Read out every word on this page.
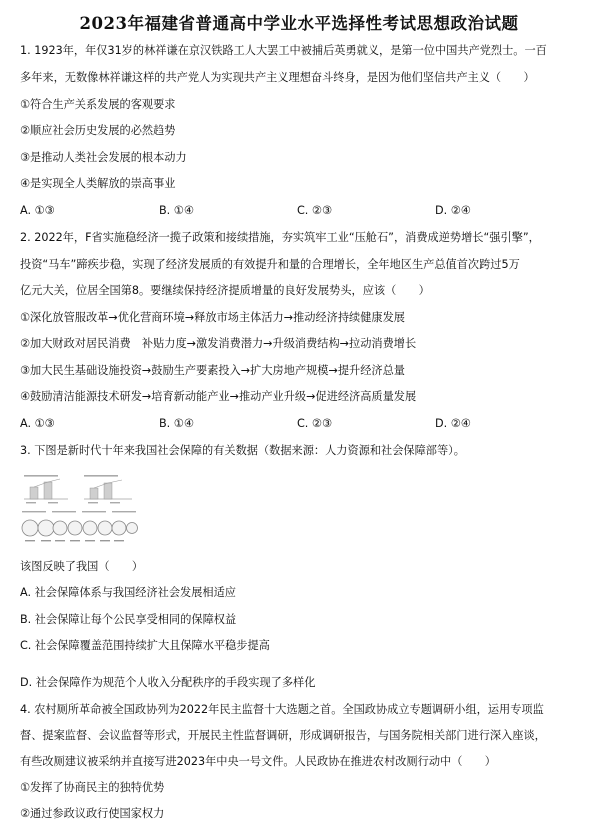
2023年福建省普通高中学业水平选择性考试思想政治试题
1. 1923年，年仅31岁的林祥谦在京汉铁路工人大罢工中被捕后英勇就义，是第一位中国共产党烈士。一百
多年来，无数像林祥谦这样的共产党人为实现共产主义理想奋斗终身，是因为他们坚信共产主义（　　）
①符合生产关系发展的客观要求
②顺应社会历史发展的必然趋势
③是推动人类社会发展的根本动力
④是实现全人类解放的崇高事业
A. ①③	B. ①④	C. ②③	D. ②④
2. 2022年，F省实施稳经济一揽子政策和接续措施，夯实筑牢工业“压舱石”，消费成逆势增长“强引擎”，
投资“马车”蹄疾步稳，实现了经济发展质的有效提升和量的合理增长，全年地区生产总值首次跨过5万
亿元大关，位居全国第8。要继续保持经济提质增量的良好发展势头，应该（　　）
①深化放管服改革→优化营商环境→释放市场主体活力→推动经济持续健康发展
②加大财政对居民消费　补贴力度→激发消费潜力→升级消费结构→拉动消费增长
③加大民生基础设施投资→鼓励生产要素投入→扩大房地产规模→提升经济总量
④鼓励清洁能源技术研发→培育新动能产业→推动产业升级→促进经济高质量发展
A. ①③	B. ①④	C. ②③	D. ②④
3. 下图是新时代十年来我国社会保障的有关数据（数据来源：人力资源和社会保障部等）。
该图反映了我国（　　）
A. 社会保障体系与我国经济社会发展相适应
B. 社会保障让每个公民享受相同的保障权益
C. 社会保障覆盖范围持续扩大且保障水平稳步提高
D. 社会保障作为规范个人收入分配秩序的手段实现了多样化
4. 农村厕所革命被全国政协列为2022年民主监督十大选题之首。全国政协成立专题调研小组，运用专项监
督、提案监督、会议监督等形式，开展民主性监督调研，形成调研报告，与国务院相关部门进行深入座谈，
有些改厕建议被采纳并直接写进2023年中央一号文件。人民政协在推进农村改厕行动中（　　）
①发挥了协商民主的独特优势
②通过参政议政行使国家权力
